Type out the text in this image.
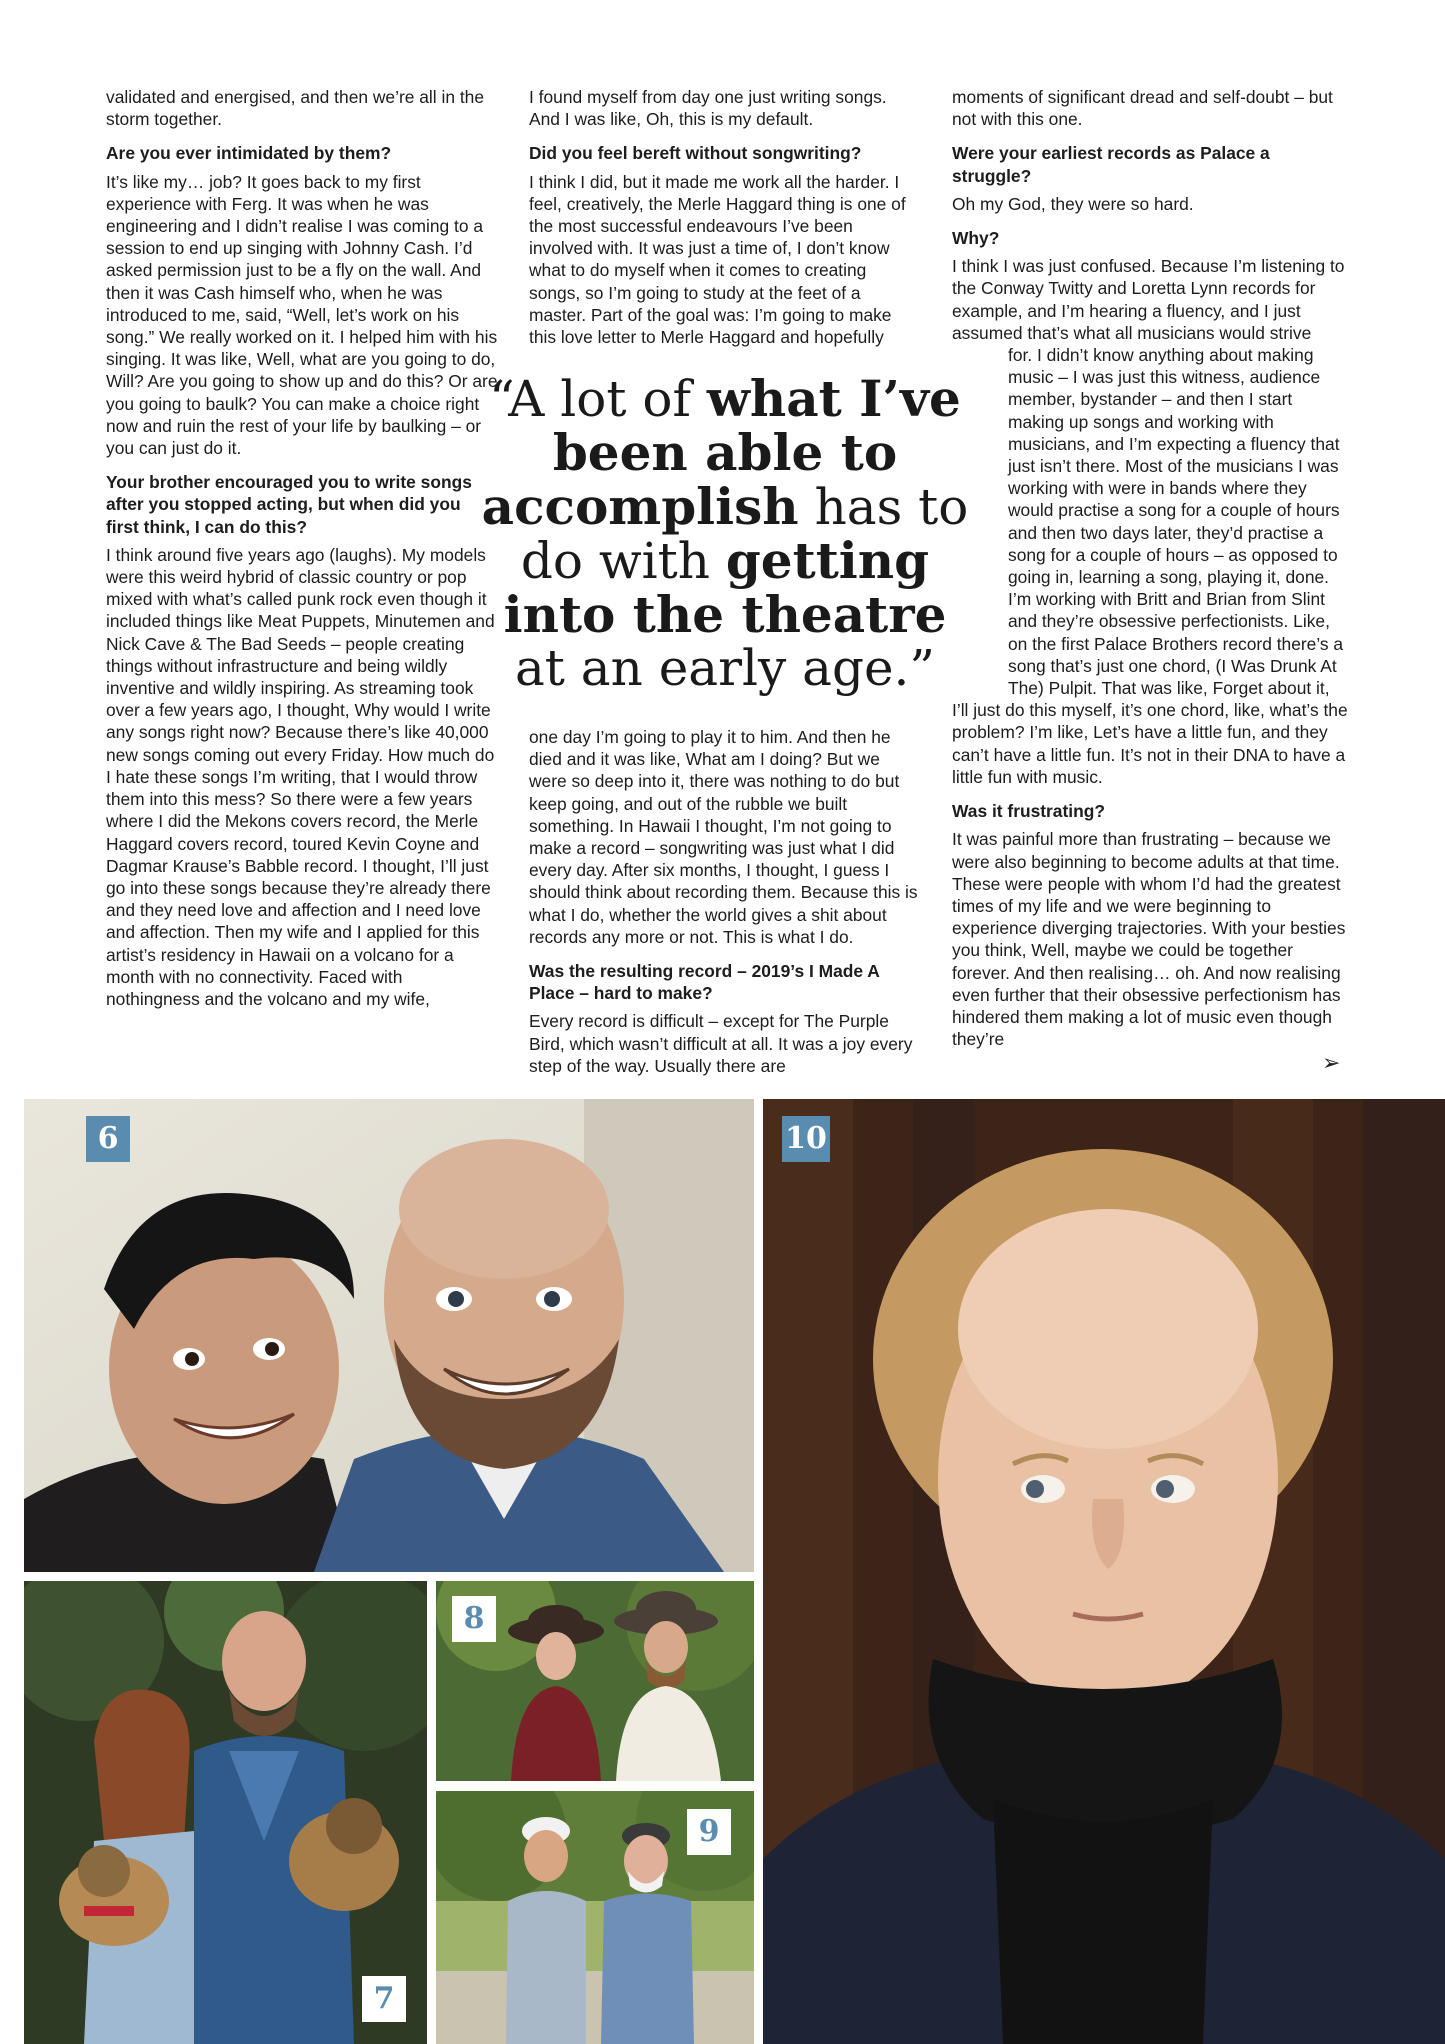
validated and energised, and then we’re all in the storm together.

Are you ever intimidated by them?

It’s like my… job? It goes back to my first experience with Ferg. It was when he was engineering and I didn’t realise I was coming to a session to end up singing with Johnny Cash. I’d asked permission just to be a fly on the wall. And then it was Cash himself who, when he was introduced to me, said, “Well, let’s work on his song.” We really worked on it. I helped him with his singing. It was like, Well, what are you going to do, Will? Are you going to show up and do this? Or are you going to baulk? You can make a choice right now and ruin the rest of your life by baulking – or you can just do it.

Your brother encouraged you to write songs after you stopped acting, but when did you first think, I can do this?

I think around five years ago (laughs). My models were this weird hybrid of classic country or pop mixed with what’s called punk rock even though it included things like Meat Puppets, Minutemen and Nick Cave & The Bad Seeds – people creating things without infrastructure and being wildly inventive and wildly inspiring. As streaming took over a few years ago, I thought, Why would I write any songs right now? Because there’s like 40,000 new songs coming out every Friday. How much do I hate these songs I’m writing, that I would throw them into this mess? So there were a few years where I did the Mekons covers record, the Merle Haggard covers record, toured Kevin Coyne and Dagmar Krause’s Babble record. I thought, I’ll just go into these songs because they’re already there and they need love and affection and I need love and affection. Then my wife and I applied for this artist’s residency in Hawaii on a volcano for a month with no connectivity. Faced with nothingness and the volcano and my wife,

I found myself from day one just writing songs. And I was like, Oh, this is my default.

Did you feel bereft without songwriting?

I think I did, but it made me work all the harder. I feel, creatively, the Merle Haggard thing is one of the most successful endeavours I’ve been involved with. It was just a time of, I don’t know what to do myself when it comes to creating songs, so I’m going to study at the feet of a master. Part of the goal was: I’m going to make this love letter to Merle Haggard and hopefully

“A lot of what I’ve been able to accomplish has to do with getting into the theatre at an early age.”

one day I’m going to play it to him. And then he died and it was like, What am I doing? But we were so deep into it, there was nothing to do but keep going, and out of the rubble we built something. In Hawaii I thought, I’m not going to make a record – songwriting was just what I did every day. After six months, I thought, I guess I should think about recording them. Because this is what I do, whether the world gives a shit about records any more or not. This is what I do.

Was the resulting record – 2019’s I Made A Place – hard to make?

Every record is difficult – except for The Purple Bird, which wasn’t difficult at all. It was a joy every step of the way. Usually there are

moments of significant dread and self-doubt – but not with this one.

Were your earliest records as Palace a struggle?

Oh my God, they were so hard.

Why?

I think I was just confused. Because I’m listening to the Conway Twitty and Loretta Lynn records for example, and I’m hearing a fluency, and I just assumed that’s what all musicians would strive
for. I didn’t know anything about making music – I was just this witness, audience member, bystander – and then I start making up songs and working with musicians, and I’m expecting a fluency that just isn’t there. Most of the musicians I was working with were in bands where they would practise a song for a couple of hours and then two days later, they’d practise a song for a couple of hours – as opposed to going in, learning a song, playing it, done. I’m working with Britt and Brian from Slint and they’re obsessive perfectionists. Like, on the first Palace Brothers record there’s a song that’s just one chord, (I Was Drunk At The) Pulpit. That was like, Forget about it,
I’ll just do this myself, it’s one chord, like, what’s the problem? I’m like, Let’s have a little fun, and they can’t have a little fun. It’s not in their DNA to have a little fun with music.

Was it frustrating?

It was painful more than frustrating – because we were also beginning to become adults at that time. These were people with whom I’d had the greatest times of my life and we were beginning to experience diverging trajectories. With your besties you think, Well, maybe we could be together forever. And then realising… oh. And now realising even further that their obsessive perfectionism has hindered them making a lot of music even though they’re

➢
6
7
8
9
10
